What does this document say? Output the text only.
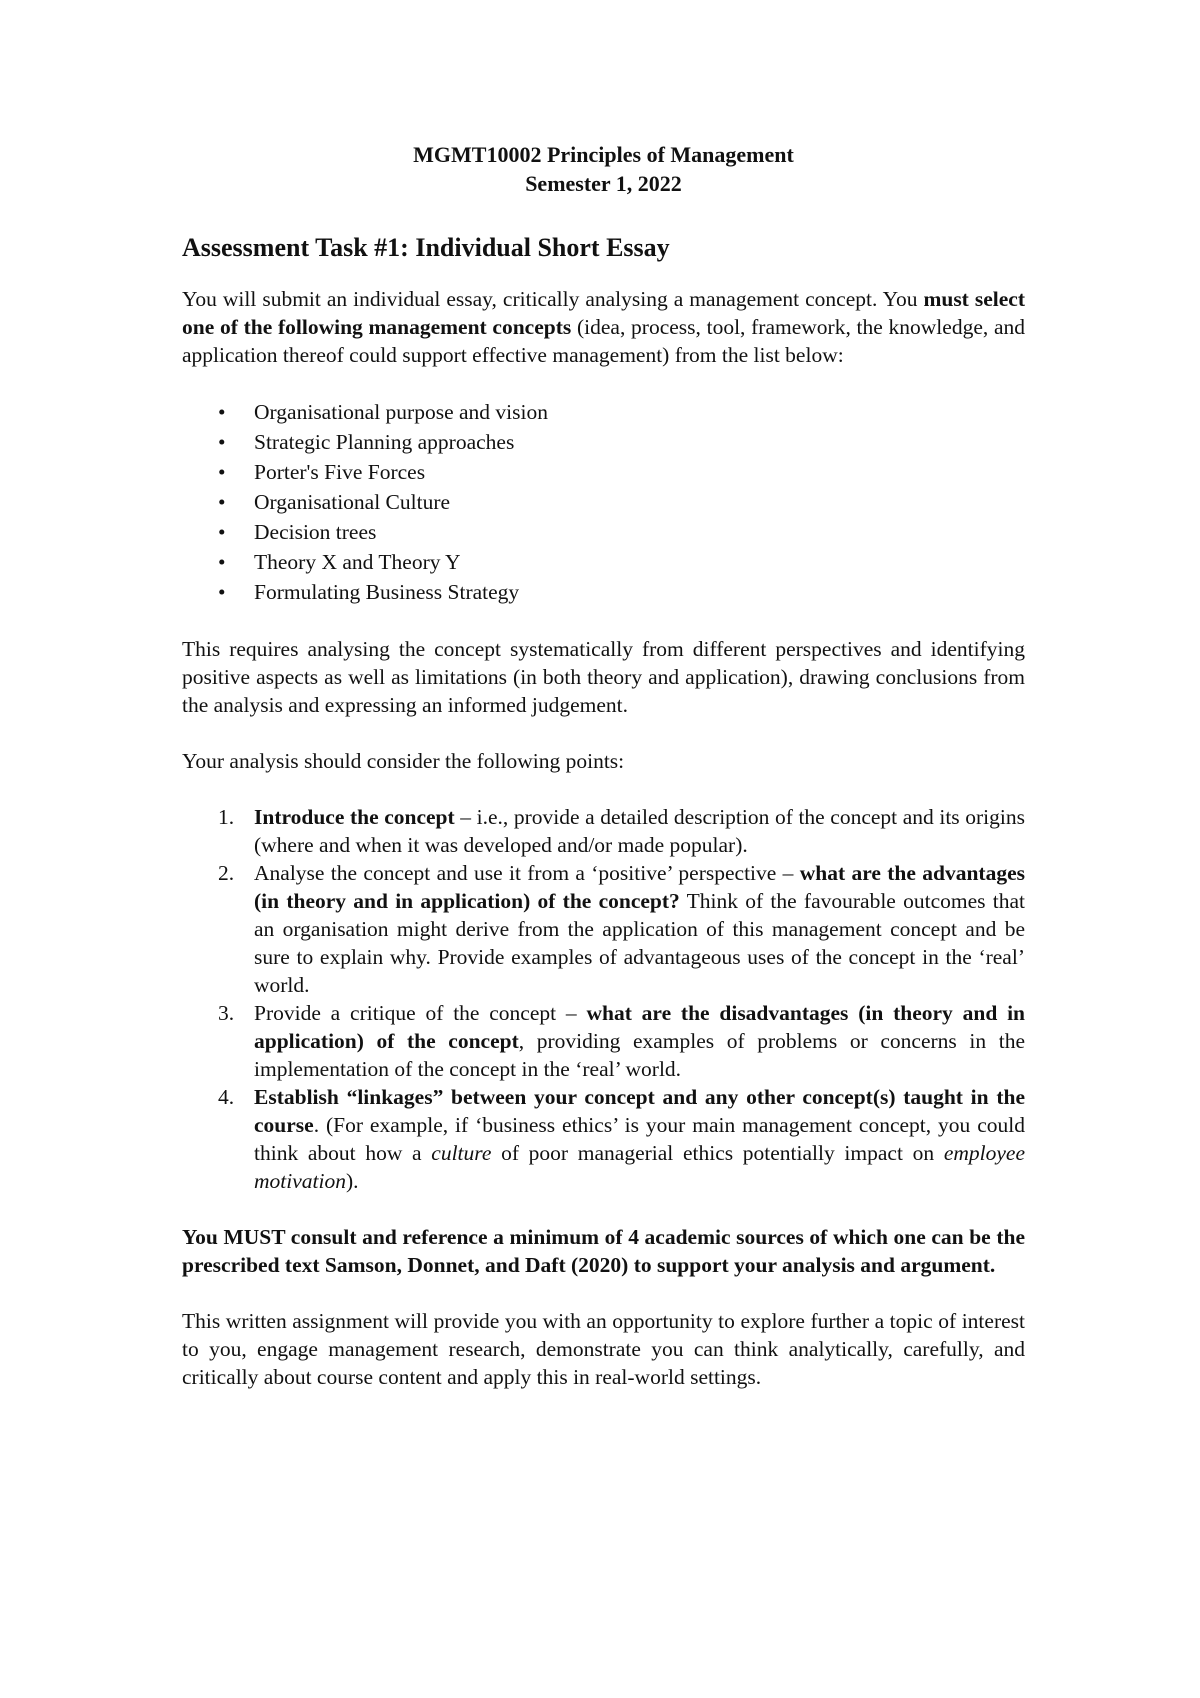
MGMT10002 Principles of Management

Semester 1, 2022

Assessment Task #1: Individual Short Essay

You will submit an individual essay, critically analysing a management concept. You must select one of the following management concepts (idea, process, tool, framework, the knowledge, and application thereof could support effective management) from the list below:

• Organisational purpose and vision
• Strategic Planning approaches
• Porter's Five Forces
• Organisational Culture
• Decision trees
• Theory X and Theory Y
• Formulating Business Strategy

This requires analysing the concept systematically from different perspectives and identifying positive aspects as well as limitations (in both theory and application), drawing conclusions from the analysis and expressing an informed judgement.

Your analysis should consider the following points:

1. Introduce the concept – i.e., provide a detailed description of the concept and its origins (where and when it was developed and/or made popular).
2. Analyse the concept and use it from a ‘positive’ perspective – what are the advantages (in theory and in application) of the concept? Think of the favourable outcomes that an organisation might derive from the application of this management concept and be sure to explain why. Provide examples of advantageous uses of the concept in the ‘real’ world.
3. Provide a critique of the concept – what are the disadvantages (in theory and in application) of the concept, providing examples of problems or concerns in the implementation of the concept in the ‘real’ world.
4. Establish “linkages” between your concept and any other concept(s) taught in the course. (For example, if ‘business ethics’ is your main management concept, you could think about how a culture of poor managerial ethics potentially impact on employee motivation).

You MUST consult and reference a minimum of 4 academic sources of which one can be the prescribed text Samson, Donnet, and Daft (2020) to support your analysis and argument.

This written assignment will provide you with an opportunity to explore further a topic of interest to you, engage management research, demonstrate you can think analytically, carefully, and critically about course content and apply this in real-world settings.
